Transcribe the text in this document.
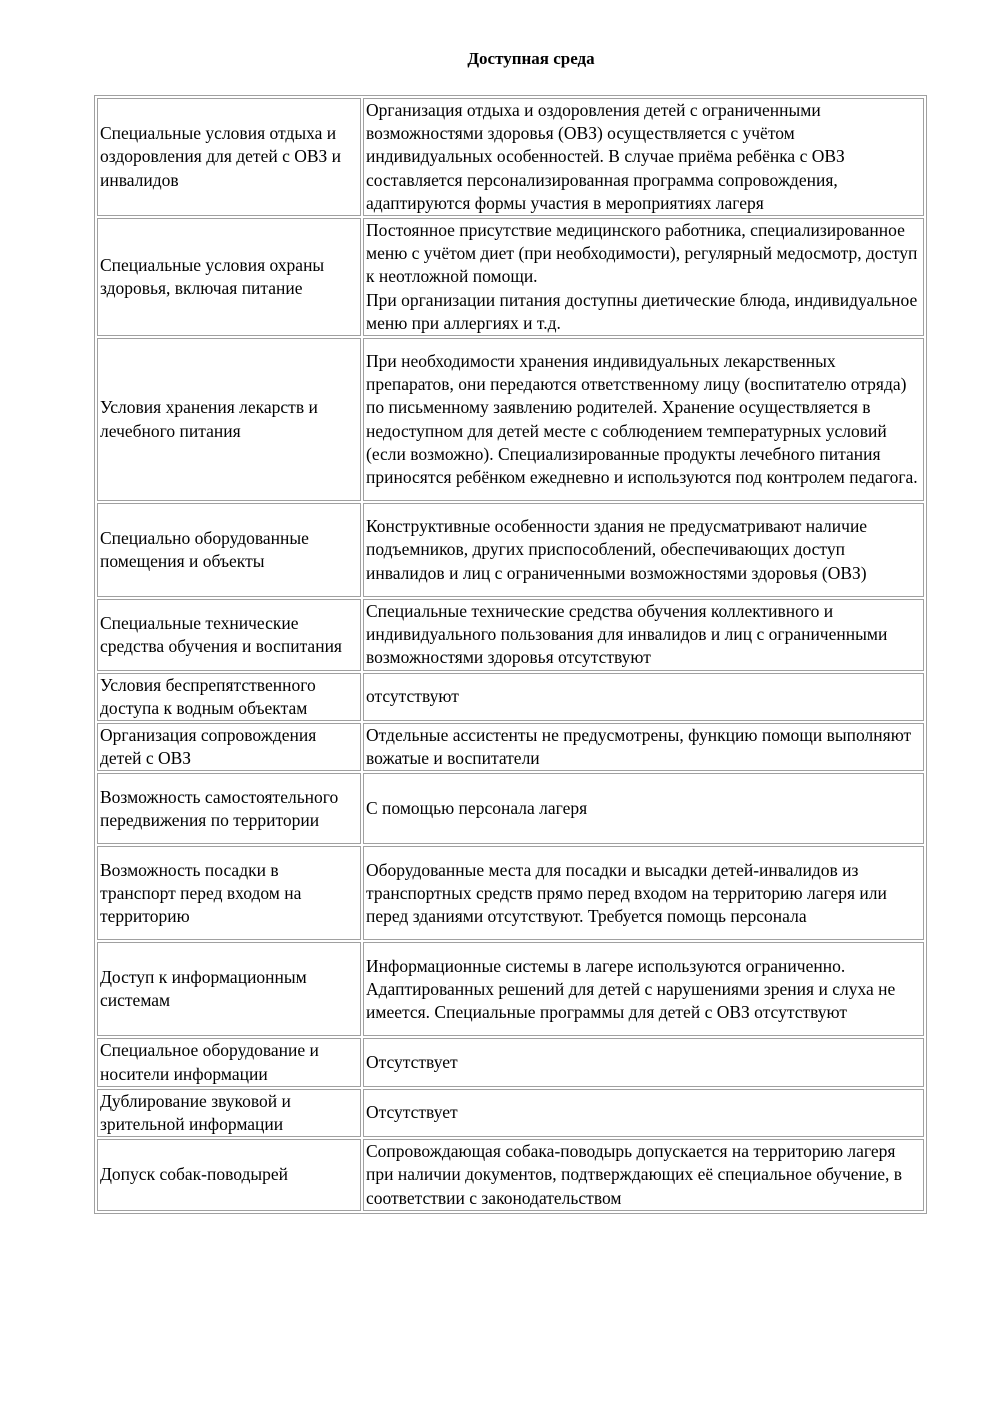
Доступная среда
Специальные условия отдыха и оздоровления для детей с ОВЗ и инвалидов	Организация отдыха и оздоровления детей с ограниченными возможностями здоровья (ОВЗ) осуществляется с учётом индивидуальных особенностей. В случае приёма ребёнка с ОВЗ составляется персонализированная программа сопровождения, адаптируются формы участия в мероприятиях лагеря
Специальные условия охраны здоровья, включая питание	Постоянное присутствие медицинского работника, специализированное меню с учётом диет (при необходимости), регулярный медосмотр, доступ к неотложной помощи.
При организации питания доступны диетические блюда, индивидуальное меню при аллергиях и т.д.
Условия хранения лекарств и лечебного питания	При необходимости хранения индивидуальных лекарственных препаратов, они передаются ответственному лицу (воспитателю отряда) по письменному заявлению родителей. Хранение осуществляется в недоступном для детей месте с соблюдением температурных условий (если возможно). Специализированные продукты лечебного питания приносятся ребёнком ежедневно и используются под контролем педагога.
Специально оборудованные помещения и объекты	Конструктивные особенности здания не предусматривают наличие подъемников, других приспособлений, обеспечивающих доступ инвалидов и лиц с ограниченными возможностями здоровья (ОВЗ)
Специальные технические средства обучения и воспитания	Специальные технические средства обучения коллективного и индивидуального пользования для инвалидов и лиц с ограниченными возможностями здоровья отсутствуют
Условия беспрепятственного доступа к водным объектам	отсутствуют
Организация сопровождения детей с ОВЗ	Отдельные ассистенты не предусмотрены, функцию помощи выполняют вожатые и воспитатели
Возможность самостоятельного передвижения по территории	С помощью персонала лагеря
Возможность посадки в транспорт перед входом на территорию	Оборудованные места для посадки и высадки детей-инвалидов из транспортных средств прямо перед входом на территорию лагеря или перед зданиями отсутствуют. Требуется помощь персонала
Доступ к информационным системам	Информационные системы в лагере используются ограниченно. Адаптированных решений для детей с нарушениями зрения и слуха не имеется. Специальные программы для детей с ОВЗ отсутствуют
Специальное оборудование и носители информации	Отсутствует
Дублирование звуковой и зрительной информации	Отсутствует
Допуск собак-поводырей	Сопровождающая собака-поводырь допускается на территорию лагеря при наличии документов, подтверждающих её специальное обучение, в соответствии с законодательством
